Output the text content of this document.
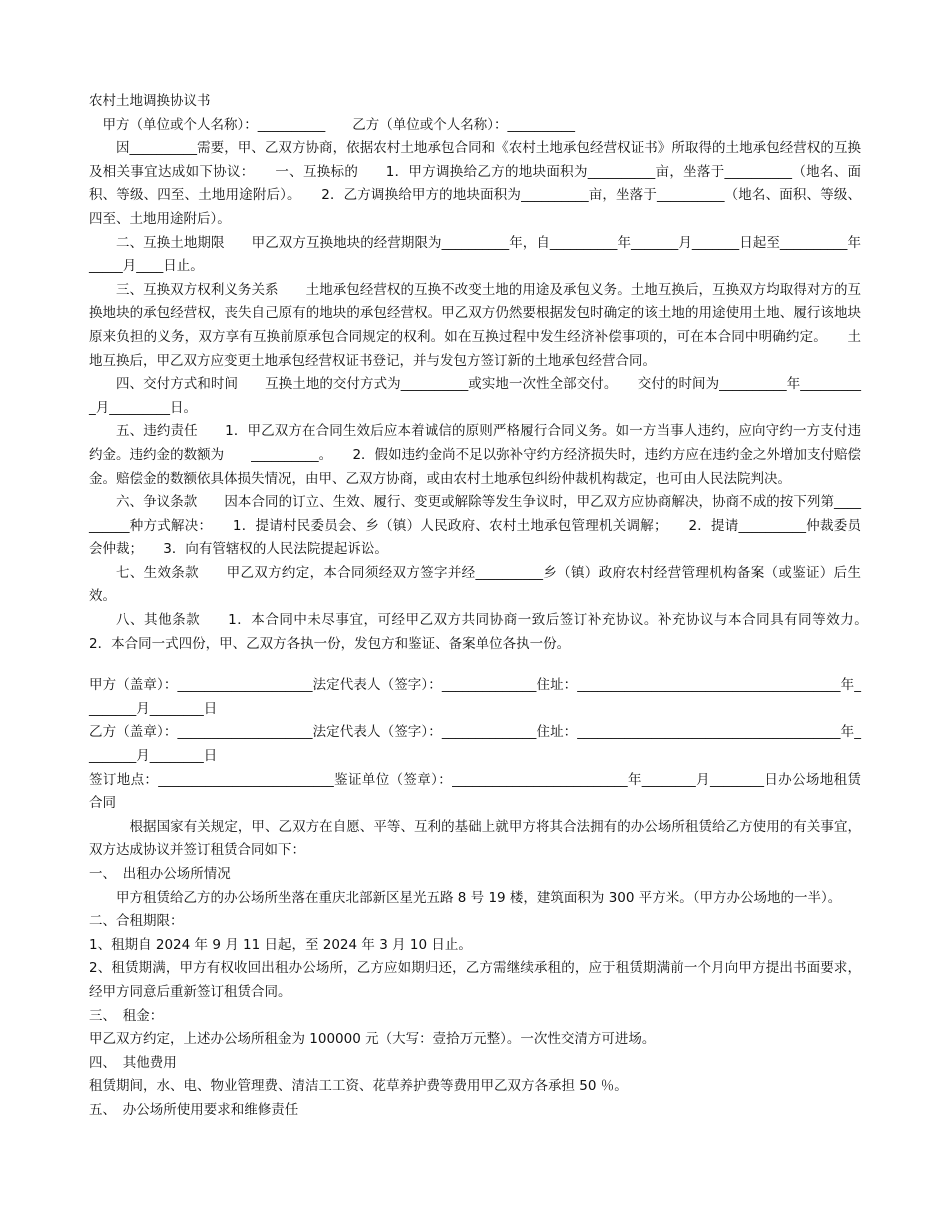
农村土地调换协议书

甲方（单位或个人名称）：__________　　乙方（单位或个人名称）：__________

因__________需要，甲、乙双方协商，依据农村土地承包合同和《农村土地承包经营权证书》所取得的土地承包经营权的互换及相关事宜达成如下协议：　　一、互换标的　　1．甲方调换给乙方的地块面积为__________亩，坐落于__________（地名、面积、等级、四至、土地用途附后）。　　2．乙方调换给甲方的地块面积为__________亩，坐落于__________（地名、面积、等级、四至、土地用途附后）。

二、互换土地期限　　甲乙双方互换地块的经营期限为__________年，自__________年_______月_______日起至__________年_____月____日止。

三、互换双方权利义务关系　　土地承包经营权的互换不改变土地的用途及承包义务。土地互换后，互换双方均取得对方的互换地块的承包经营权，丧失自己原有的地块的承包经营权。甲乙双方仍然要根据发包时确定的该土地的用途使用土地、履行该地块原来负担的义务，双方享有互换前原承包合同规定的权利。如在互换过程中发生经济补偿事项的，可在本合同中明确约定。　　土地互换后，甲乙双方应变更土地承包经营权证书登记，并与发包方签订新的土地承包经营合同。

四、交付方式和时间　　互换土地的交付方式为__________或实地一次性全部交付。　　交付的时间为__________年__________月_________日。

五、违约责任　　1．甲乙双方在合同生效后应本着诚信的原则严格履行合同义务。如一方当事人违约，应向守约一方支付违约金。违约金的数额为　　__________。　　2．假如违约金尚不足以弥补守约方经济损失时，违约方应在违约金之外增加支付赔偿金。赔偿金的数额依具体损失情况，由甲、乙双方协商，或由农村土地承包纠纷仲裁机构裁定，也可由人民法院判决。

六、争议条款　　因本合同的订立、生效、履行、变更或解除等发生争议时，甲乙双方应协商解决，协商不成的按下列第__________种方式解决：　　1．提请村民委员会、乡（镇）人民政府、农村土地承包管理机关调解；　　2．提请__________仲裁委员会仲裁；　　3．向有管辖权的人民法院提起诉讼。

七、生效条款　　甲乙双方约定，本合同须经双方签字并经__________乡（镇）政府农村经营管理机构备案（或鉴证）后生效。

八、其他条款　　1．本合同中未尽事宜，可经甲乙双方共同协商一致后签订补充协议。补充协议与本合同具有同等效力。　　2．本合同一式四份，甲、乙双方各执一份，发包方和鉴证、备案单位各执一份。

甲方（盖章）：____________________法定代表人（签字）：______________住址：_______________________________________年________月________日

乙方（盖章）：____________________法定代表人（签字）：______________住址：_______________________________________年________月________日

签订地点：__________________________鉴证单位（签章）：__________________________年________月________日办公场地租赁合同

根据国家有关规定，甲、乙双方在自愿、平等、互利的基础上就甲方将其合法拥有的办公场所租赁给乙方使用的有关事宜，双方达成协议并签订租赁合同如下：

一、　出租办公场所情况

甲方租赁给乙方的办公场所坐落在重庆北部新区星光五路 8 号 19 楼，建筑面积为 300 平方米。（甲方办公场地的一半）。

二、合租期限：

1、租期自 2024 年 9 月 11 日起，至 2024 年 3 月 10 日止。

2、租赁期满，甲方有权收回出租办公场所，乙方应如期归还，乙方需继续承租的，应于租赁期满前一个月向甲方提出书面要求，经甲方同意后重新签订租赁合同。

三、　租金：

甲乙双方约定，上述办公场所租金为 100000 元（大写：壹拾万元整）。一次性交清方可进场。

四、　其他费用

租赁期间，水、电、物业管理费、清洁工工资、花草养护费等费用甲乙双方各承担 50 ％。

五、　办公场所使用要求和维修责任
